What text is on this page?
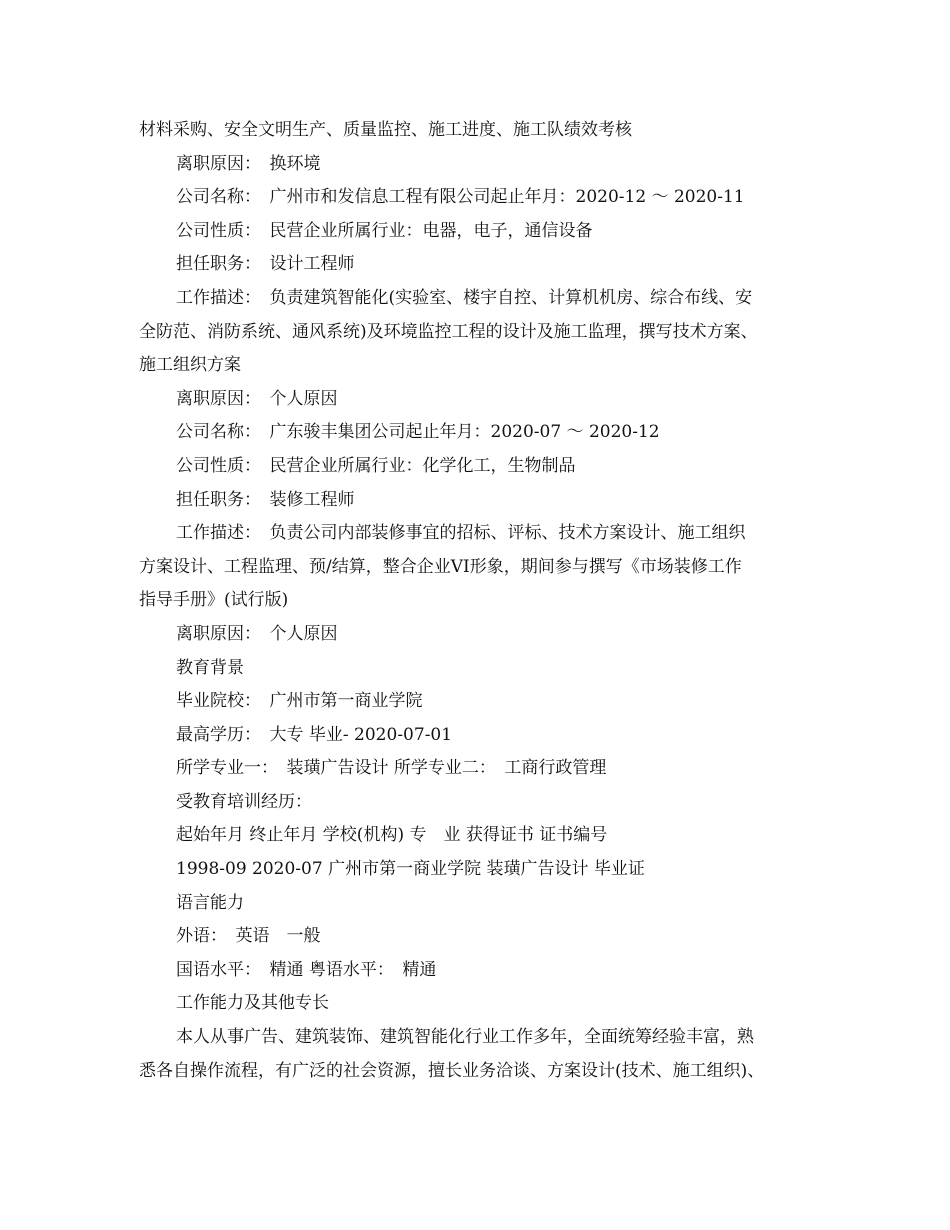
材料采购、安全文明生产、质量监控、施工进度、施工队绩效考核
离职原因：　换环境
公司名称：　广州市和发信息工程有限公司起止年月：2020-12 ～ 2020-11
公司性质：　民营企业所属行业：电器，电子，通信设备
担任职务：　设计工程师
工作描述：　负责建筑智能化(实验室、楼宇自控、计算机机房、综合布线、安
全防范、消防系统、通风系统)及环境监控工程的设计及施工监理，撰写技术方案、
施工组织方案
离职原因：　个人原因
公司名称：　广东骏丰集团公司起止年月：2020-07 ～ 2020-12
公司性质：　民营企业所属行业：化学化工，生物制品
担任职务：　装修工程师
工作描述：　负责公司内部装修事宜的招标、评标、技术方案设计、施工组织
方案设计、工程监理、预/结算，整合企业VI形象，期间参与撰写《市场装修工作
指导手册》(试行版)
离职原因：　个人原因
教育背景
毕业院校：　广州市第一商业学院
最高学历：　大专 毕业- 2020-07-01
所学专业一：　装璜广告设计 所学专业二：　工商行政管理
受教育培训经历：
起始年月 终止年月 学校(机构) 专　业 获得证书 证书编号
1998-09 2020-07 广州市第一商业学院 装璜广告设计 毕业证
语言能力
外语：　英语　一般
国语水平：　精通 粤语水平：　精通
工作能力及其他专长
本人从事广告、建筑装饰、建筑智能化行业工作多年，全面统筹经验丰富，熟
悉各自操作流程，有广泛的社会资源，擅长业务洽谈、方案设计(技术、施工组织)、
